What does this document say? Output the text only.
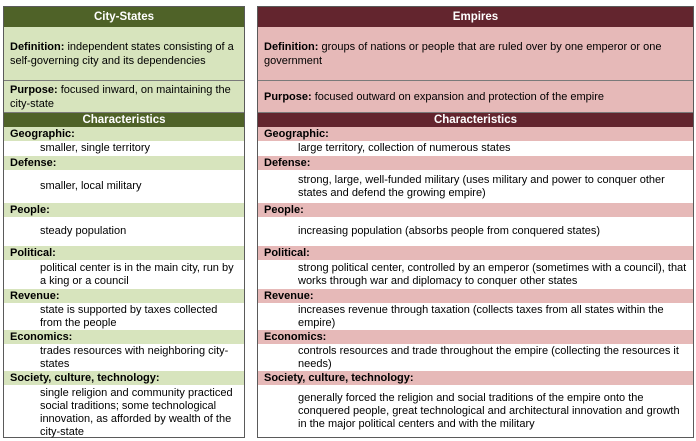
City-States
Definition: independent states consisting of a self-governing city and its dependencies
Purpose: focused inward, on maintaining the city-state
Characteristics
Geographic:
smaller, single territory
Defense:
smaller, local military
People:
steady population
Political:
political center is in the main city, run by a king or a council
Revenue:
state is supported by taxes collected from the people
Economics:
trades resources with neighboring city-states
Society, culture, technology:
single religion and community practiced social traditions; some technological innovation, as afforded by wealth of the city-state
Empires
Definition: groups of nations or people that are ruled over by one emperor or one government
Purpose: focused outward on expansion and protection of the empire
Characteristics
Geographic:
large territory, collection of numerous states
Defense:
strong, large, well-funded military (uses military and power to conquer other states and defend the growing empire)
People:
increasing population (absorbs people from conquered states)
Political:
strong political center, controlled by an emperor (sometimes with a council), that works through war and diplomacy to conquer other states
Revenue:
increases revenue through taxation (collects taxes from all states within the empire)
Economics:
controls resources and trade throughout the empire (collecting the resources it needs)
Society, culture, technology:
generally forced the religion and social traditions of the empire onto the conquered people, great technological and architectural innovation and growth in the major political centers and with the military
